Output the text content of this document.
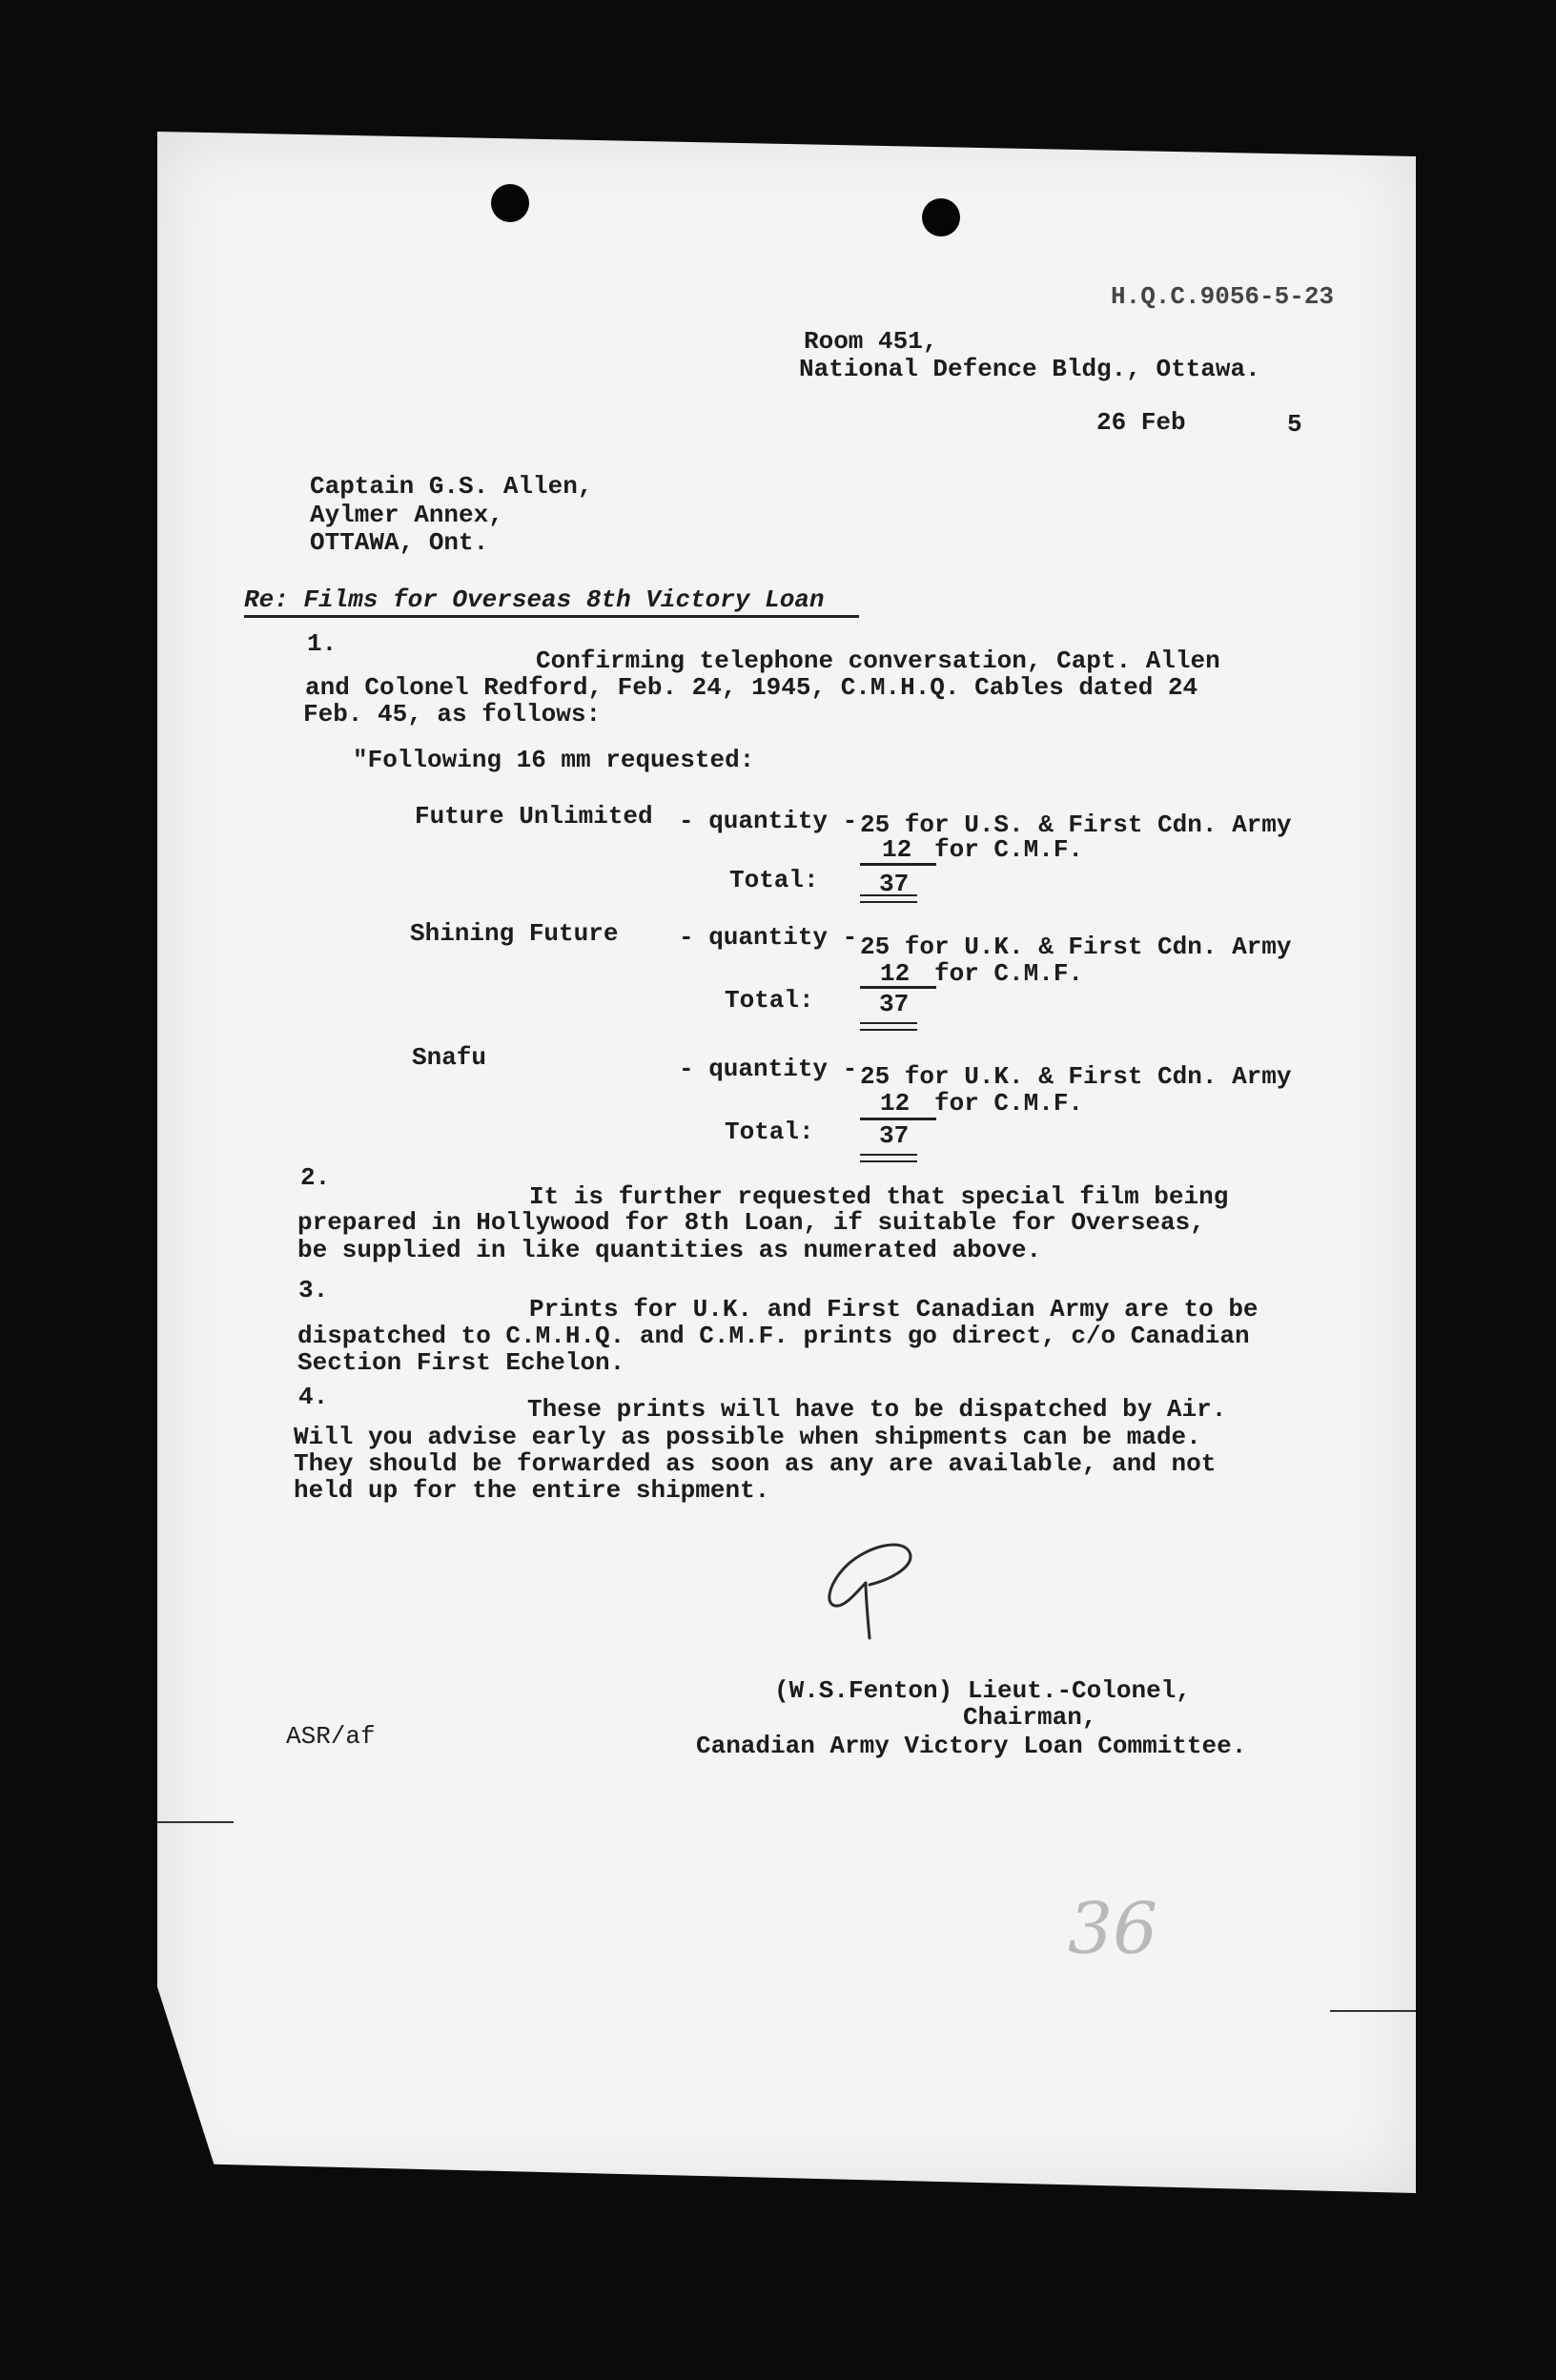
H.Q.C.9056-5-23
Room 451,
National Defence Bldg., Ottawa.
26 Feb	5
Captain G.S. Allen,
Aylmer Annex,
OTTAWA, Ont.
Re: Films for Overseas 8th Victory Loan
1.
Confirming telephone conversation, Capt. Allen
and Colonel Redford, Feb. 24, 1945, C.M.H.Q. Cables dated 24
Feb. 45, as follows:
"Following 16 mm requested:
Future Unlimited - quantity - 25 for U.S. & First Cdn. Army
12 for C.M.F.
Total: 37
Shining Future - quantity - 25 for U.K. & First Cdn. Army
12 for C.M.F.
Total:	37
Snafu	- quantity - 25 for U.K. & First Cdn. Army
12 for C.M.F.
Total:	37
2.
It is further requested that special film being
prepared in Hollywood for 8th Loan, if suitable for Overseas,
be supplied in like quantities as numerated above.
3.
Prints for U.K. and First Canadian Army are to be
dispatched to C.M.H.Q. and C.M.F. prints go direct, c/o Canadian
Section First Echelon.
4.	These prints will have to be dispatched by Air.
Will you advise early as possible when shipments can be made.
They should be forwarded as soon as any are available, and not
held up for the entire shipment.
(W.S.Fenton) Lieut.-Colonel,
Chairman,
Canadian Army Victory Loan Committee.
ASR/af
36
